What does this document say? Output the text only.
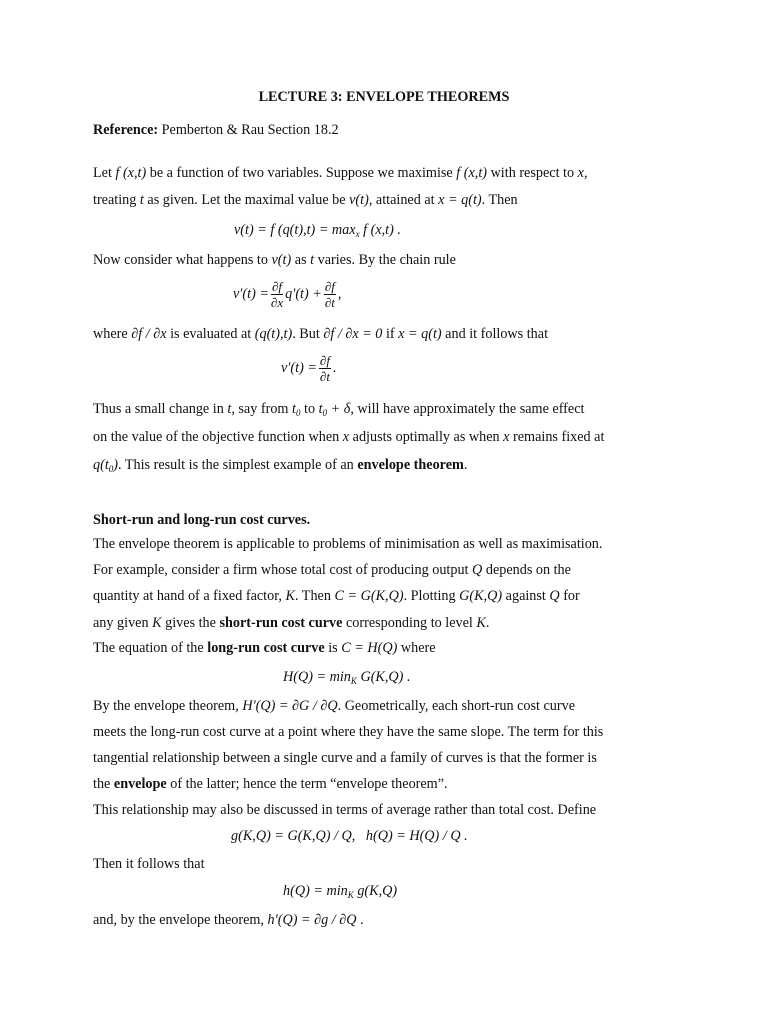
LECTURE 3: ENVELOPE THEOREMS
Reference: Pemberton & Rau Section 18.2
Let f (x,t) be a function of two variables. Suppose we maximise f (x,t) with respect to x,
treating t as given. Let the maximal value be v(t), attained at x = q(t). Then
v(t) = f $(q(t),t) = \max_x f$ (x,t) .
Now consider what happens to v(t) as t varies. By the chain rule
$v'(t) = \frac{\partial f}{\partial x} q'(t) + \frac{\partial f}{\partial t}$ ,
where ∂f / ∂x is evaluated at (q(t),t). But ∂f / ∂x = 0 if x = q(t) and it follows that
$v'(t) = \frac{\partial f}{\partial t}$ .
Thus a small change in t, say from $t_0$ to $t_0 + \delta$, will have approximately the same effect
on the value of the objective function when x adjusts optimally as when x remains fixed at
$q(t_0)$. This result is the simplest example of an envelope theorem.
Short-run and long-run cost curves.
The envelope theorem is applicable to problems of minimisation as well as maximisation.
For example, consider a firm whose total cost of producing output Q depends on the
quantity at hand of a fixed factor, K. Then C = G(K,Q). Plotting G(K,Q) against Q for
any given K gives the short-run cost curve corresponding to level K.
The equation of the long-run cost curve is C = H(Q) where
$H(Q) = \min_K G(K,Q)$ .
By the envelope theorem, H′(Q) = ∂G / ∂Q. Geometrically, each short-run cost curve
meets the long-run cost curve at a point where they have the same slope. The term for this
tangential relationship between a single curve and a family of curves is that the former is
the envelope of the latter; hence the term “envelope theorem”.
This relationship may also be discussed in terms of average rather than total cost. Define
g(K,Q) = G(K,Q) / Q,   h(Q) = H(Q) / Q .
Then it follows that
$h(Q) = \min_K g(K,Q)$
and, by the envelope theorem, h′(Q) = ∂g / ∂Q .
